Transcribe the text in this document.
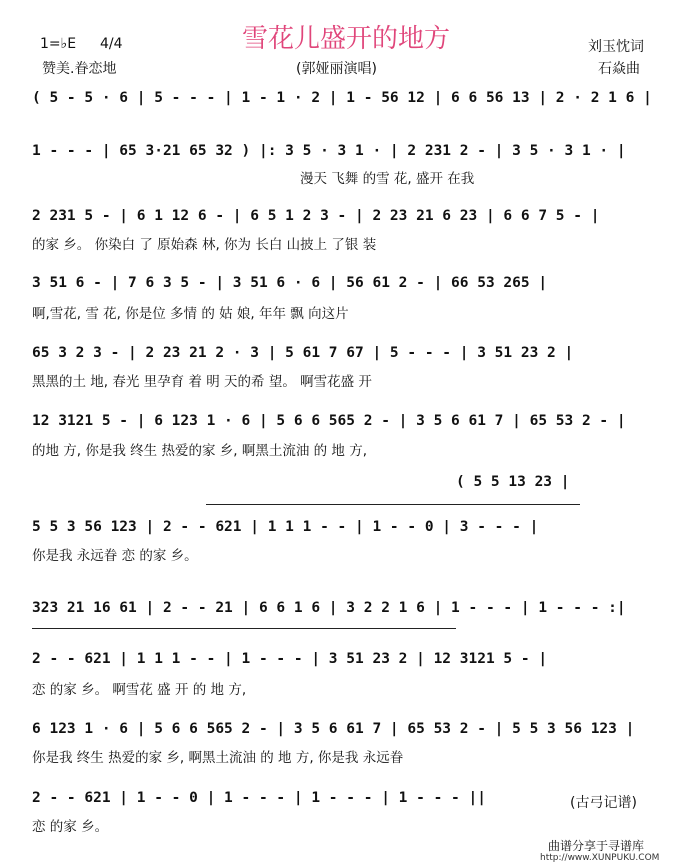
雪花儿盛开的地方
1=♭E 4/4	刘玉忱词
赞美.眷恋地	(郭娅丽演唱)	石焱曲
( 5 - 5 · 6 | 5 - - - | 1 - 1 · 2 | 1 - 56 12 | 6 6 56 13 | 2 · 2 1 6 |
1 - - - | 65 3·21 65 32 ) |: 3 5 · 3 1 · | 2 231 2 - | 3 5 · 3 1 · |
漫天 飞舞 的雪 花, 盛开 在我
2 231 5 - | 6 1 12 6 - | 6 5 1 2 3 - | 2 23 21 6 23 | 6 6 7 5 - |
的家 乡。 你染白 了 原始森 林, 你为 长白 山披上 了银 装
3 51 6 - | 7 6 3 5 - | 3 51 6 · 6 | 56 61 2 - | 66 53 265 |
啊,雪花, 雪 花, 你是位 多情 的 姑 娘, 年年 飘 向这片
65 3 2 3 - | 2 23 21 2 · 3 | 5 61 7 67 | 5 - - - | 3 51 23 2 |
黑黑的土 地, 春光 里孕育 着 明 天的希 望。 啊雪花盛 开
12 3121 5 - | 6 123 1 · 6 | 5 6 6 565 2 - | 3 5 6 61 7 | 65 53 2 - |
的地 方, 你是我 终生 热爱的家 乡, 啊黑土流油 的 地 方,
( 5 5 13 23 |
5 5 3 56 123 | 2 - - 621 | 1 1 1 - - | 1 - - 0 | 3 - - - |
你是我 永远眷 恋 的家 乡。
323 21 16 61 | 2 - - 21 | 6 6 1 6 | 3 2 2 1 6 | 1 - - - | 1 - - - :|
2 - - 621 | 1 1 1 - - | 1 - - - | 3 51 23 2 | 12 3121 5 - |
恋 的家 乡。 啊雪花 盛 开 的 地 方,
6 123 1 · 6 | 5 6 6 565 2 - | 3 5 6 61 7 | 65 53 2 - | 5 5 3 56 123 |
你是我 终生 热爱的家 乡, 啊黑土流油 的 地 方, 你是我 永远眷
2 - - 621 | 1 - - 0 | 1 - - - | 1 - - - | 1 - - - ||
恋 的家 乡。
(古弓记谱)
曲谱分享于寻谱库
http://www.XUNPUKU.COM
